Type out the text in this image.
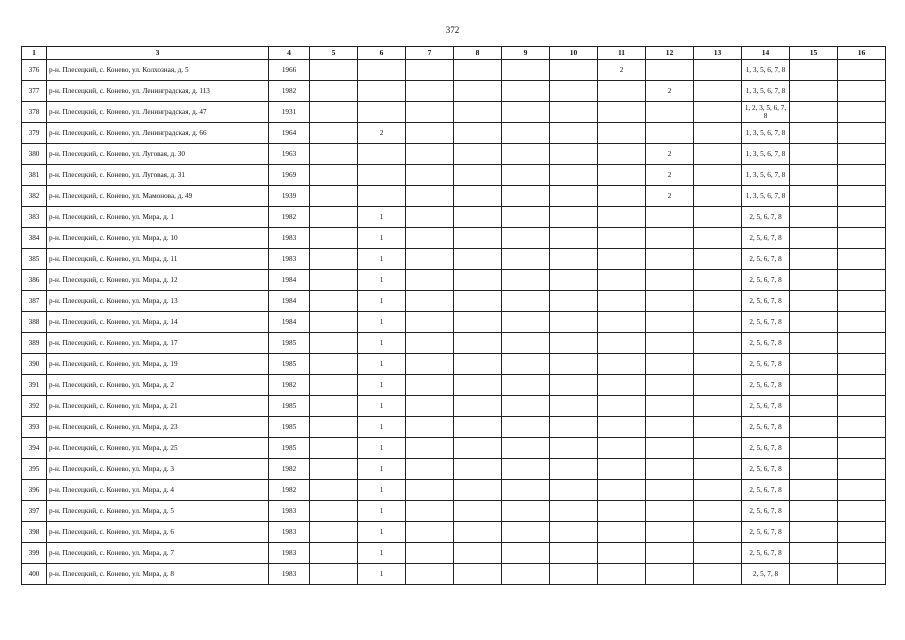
372
1	3	4	5	6	7	8	9	10	11	12	13	14	15	16
376	р-н. Плесецкий, с. Конево, ул. Колхозная, д. 5	1966							2			1, 3, 5, 6, 7, 8		
377	р-н. Плесецкий, с. Конево, ул. Ленинградская, д. 113	1982								2		1, 3, 5, 6, 7, 8		
378	р-н. Плесецкий, с. Конево, ул. Ленинградская, д. 47	1931										1, 2, 3, 5, 6, 7, 8		
379	р-н. Плесецкий, с. Конево, ул. Ленинградская, д. 66	1964		2								1, 3, 5, 6, 7, 8		
380	р-н. Плесецкий, с. Конево, ул. Луговая, д. 30	1963								2		1, 3, 5, 6, 7, 8		
381	р-н. Плесецкий, с. Конево, ул. Луговая, д. 31	1969								2		1, 3, 5, 6, 7, 8		
382	р-н. Плесецкий, с. Конево, ул. Мамонова, д. 49	1939								2		1, 3, 5, 6, 7, 8		
383	р-н. Плесецкий, с. Конево, ул. Мира, д. 1	1982		1								2, 5, 6, 7, 8		
384	р-н. Плесецкий, с. Конево, ул. Мира, д. 10	1983		1								2, 5, 6, 7, 8		
385	р-н. Плесецкий, с. Конево, ул. Мира, д. 11	1983		1								2, 5, 6, 7, 8		
386	р-н. Плесецкий, с. Конево, ул. Мира, д. 12	1984		1								2, 5, 6, 7, 8		
387	р-н. Плесецкий, с. Конево, ул. Мира, д. 13	1984		1								2, 5, 6, 7, 8		
388	р-н. Плесецкий, с. Конево, ул. Мира, д. 14	1984		1								2, 5, 6, 7, 8		
389	р-н. Плесецкий, с. Конево, ул. Мира, д. 17	1985		1								2, 5, 6, 7, 8		
390	р-н. Плесецкий, с. Конево, ул. Мира, д. 19	1985		1								2, 5, 6, 7, 8		
391	р-н. Плесецкий, с. Конево, ул. Мира, д. 2	1982		1								2, 5, 6, 7, 8		
392	р-н. Плесецкий, с. Конево, ул. Мира, д. 21	1985		1								2, 5, 6, 7, 8		
393	р-н. Плесецкий, с. Конево, ул. Мира, д. 23	1985		1								2, 5, 6, 7, 8		
394	р-н. Плесецкий, с. Конево, ул. Мира, д. 25	1985		1								2, 5, 6, 7, 8		
395	р-н. Плесецкий, с. Конево, ул. Мира, д. 3	1982		1								2, 5, 6, 7, 8		
396	р-н. Плесецкий, с. Конево, ул. Мира, д. 4	1982		1								2, 5, 6, 7, 8		
397	р-н. Плесецкий, с. Конево, ул. Мира, д. 5	1983		1								2, 5, 6, 7, 8		
398	р-н. Плесецкий, с. Конево, ул. Мира, д. 6	1983		1								2, 5, 6, 7, 8		
399	р-н. Плесецкий, с. Конево, ул. Мира, д. 7	1983		1								2, 5, 6, 7, 8		
400	р-н. Плесецкий, с. Конево, ул. Мира, д. 8	1983		1								2, 5, 7, 8		
